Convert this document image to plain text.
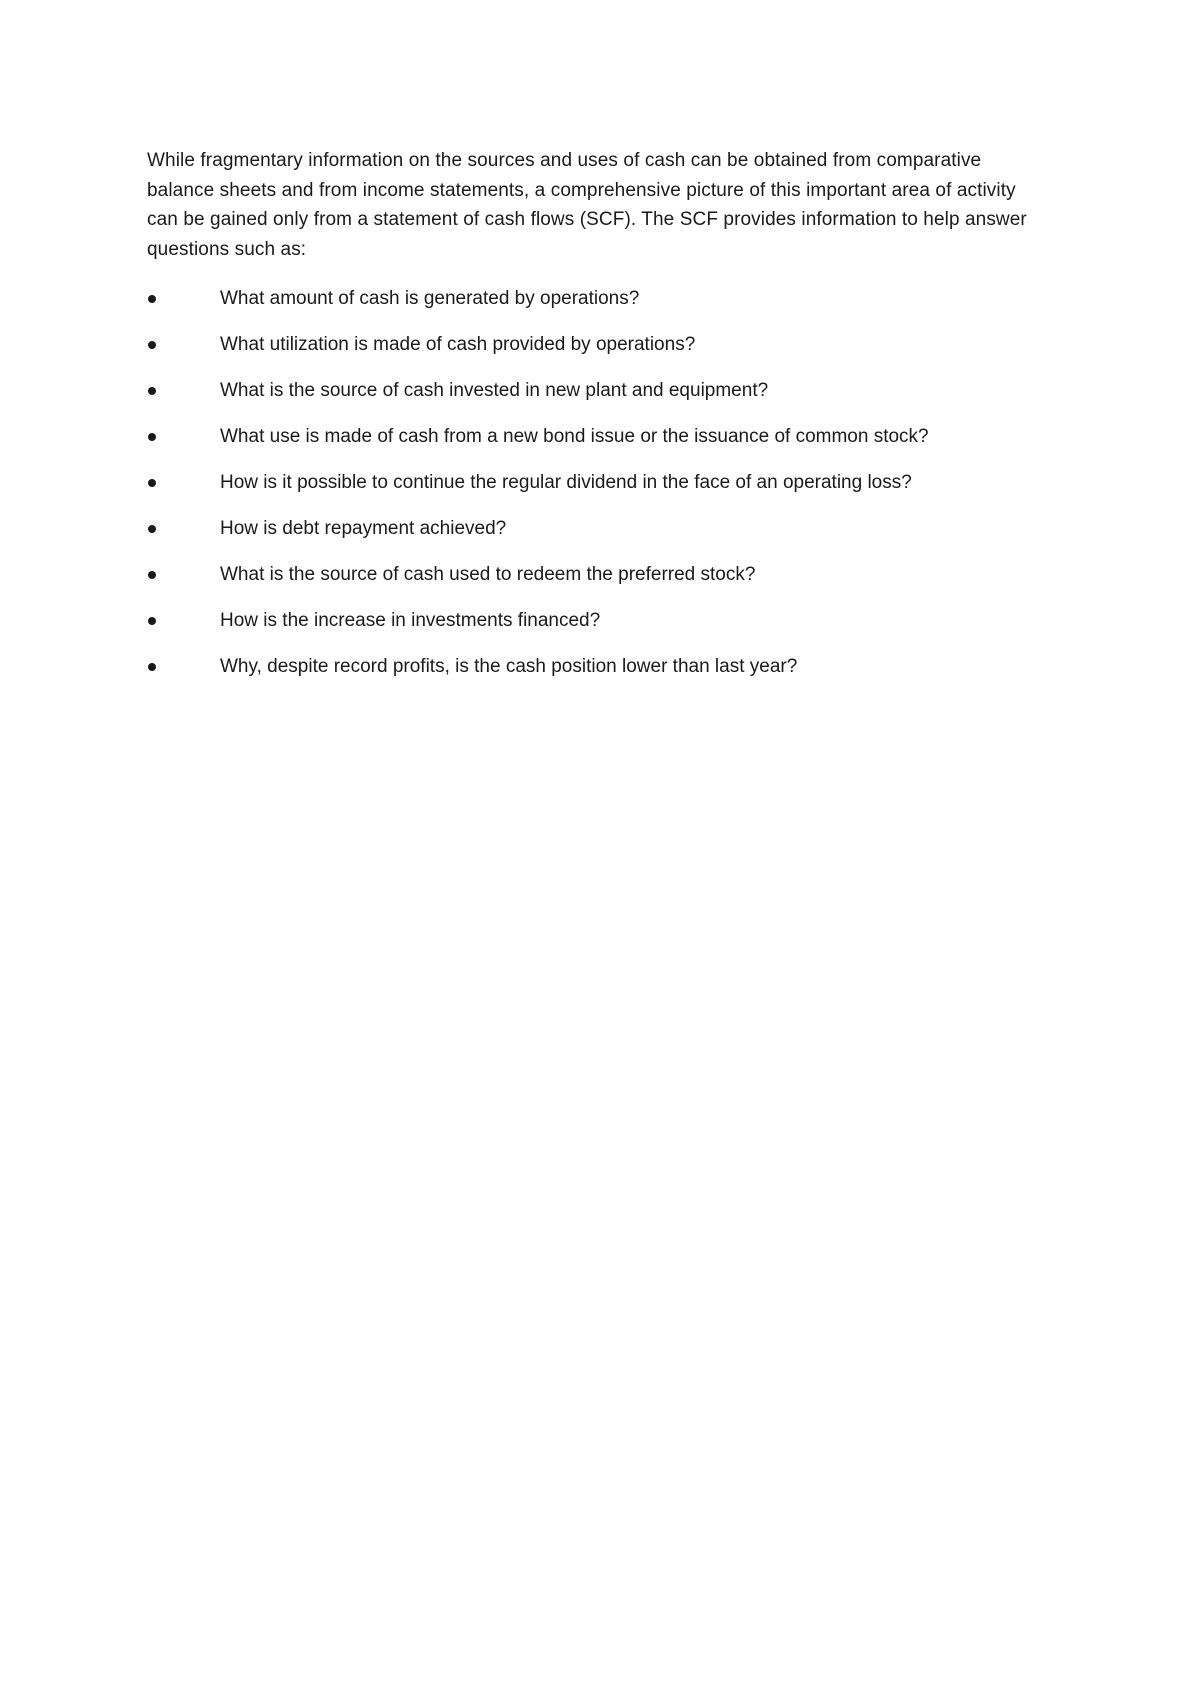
While fragmentary information on the sources and uses of cash can be obtained from comparative balance sheets and from income statements, a comprehensive picture of this important area of activity can be gained only from a statement of cash flows (SCF). The SCF provides information to help answer questions such as:

What amount of cash is generated by operations?
What utilization is made of cash provided by operations?
What is the source of cash invested in new plant and equipment?
What use is made of cash from a new bond issue or the issuance of common stock?
How is it possible to continue the regular dividend in the face of an operating loss?
How is debt repayment achieved?
What is the source of cash used to redeem the preferred stock?
How is the increase in investments financed?
Why, despite record profits, is the cash position lower than last year?
